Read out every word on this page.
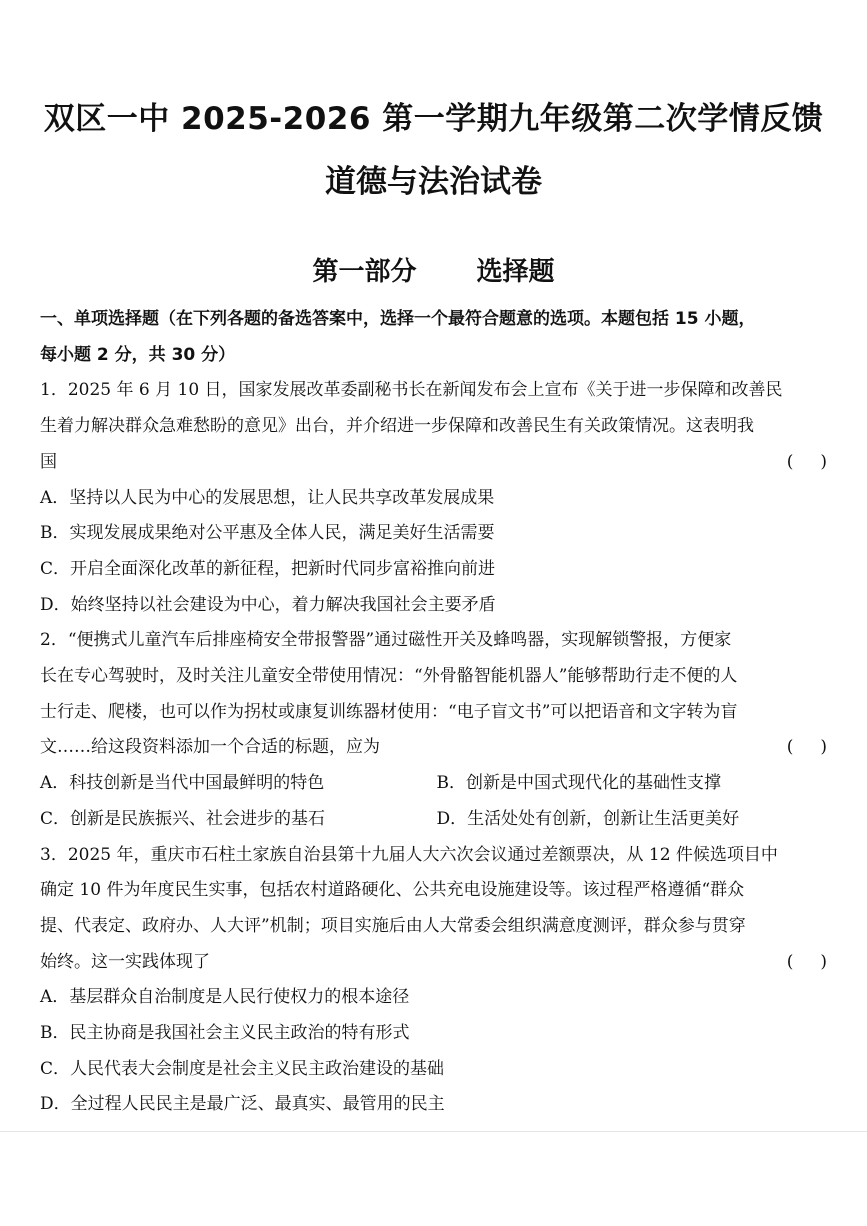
双区一中 2025-2026 第一学期九年级第二次学情反馈
道德与法治试卷
第一部分 选择题

一、单项选择题（在下列各题的备选答案中，选择一个最符合题意的选项。本题包括 15 小题，

每小题 2 分，共 30 分）

1．2025 年 6 月 10 日，国家发展改革委副秘书长在新闻发布会上宣布《关于进一步保障和改善民

生着力解决群众急难愁盼的意见》出台，并介绍进一步保障和改善民生有关政策情况。这表明我

国	(     )

A．坚持以人民为中心的发展思想，让人民共享改革发展成果

B．实现发展成果绝对公平惠及全体人民，满足美好生活需要

C．开启全面深化改革的新征程，把新时代同步富裕推向前进

D．始终坚持以社会建设为中心，着力解决我国社会主要矛盾

2．“便携式儿童汽车后排座椅安全带报警器”通过磁性开关及蜂鸣器，实现解锁警报，方便家

长在专心驾驶时，及时关注儿童安全带使用情况：“外骨骼智能机器人”能够帮助行走不便的人

士行走、爬楼，也可以作为拐杖或康复训练器材使用：“电子盲文书”可以把语音和文字转为盲

文……给这段资料添加一个合适的标题，应为	(     )

A．科技创新是当代中国最鲜明的特色	B．创新是中国式现代化的基础性支撑

C．创新是民族振兴、社会进步的基石	D．生活处处有创新，创新让生活更美好

3．2025 年，重庆市石柱土家族自治县第十九届人大六次会议通过差额票决，从 12 件候选项目中

确定 10 件为年度民生实事，包括农村道路硬化、公共充电设施建设等。该过程严格遵循“群众

提、代表定、政府办、人大评”机制；项目实施后由人大常委会组织满意度测评，群众参与贯穿

始终。这一实践体现了	(     )

A．基层群众自治制度是人民行使权力的根本途径

B．民主协商是我国社会主义民主政治的特有形式

C．人民代表大会制度是社会主义民主政治建设的基础

D．全过程人民民主是最广泛、最真实、最管用的民主
